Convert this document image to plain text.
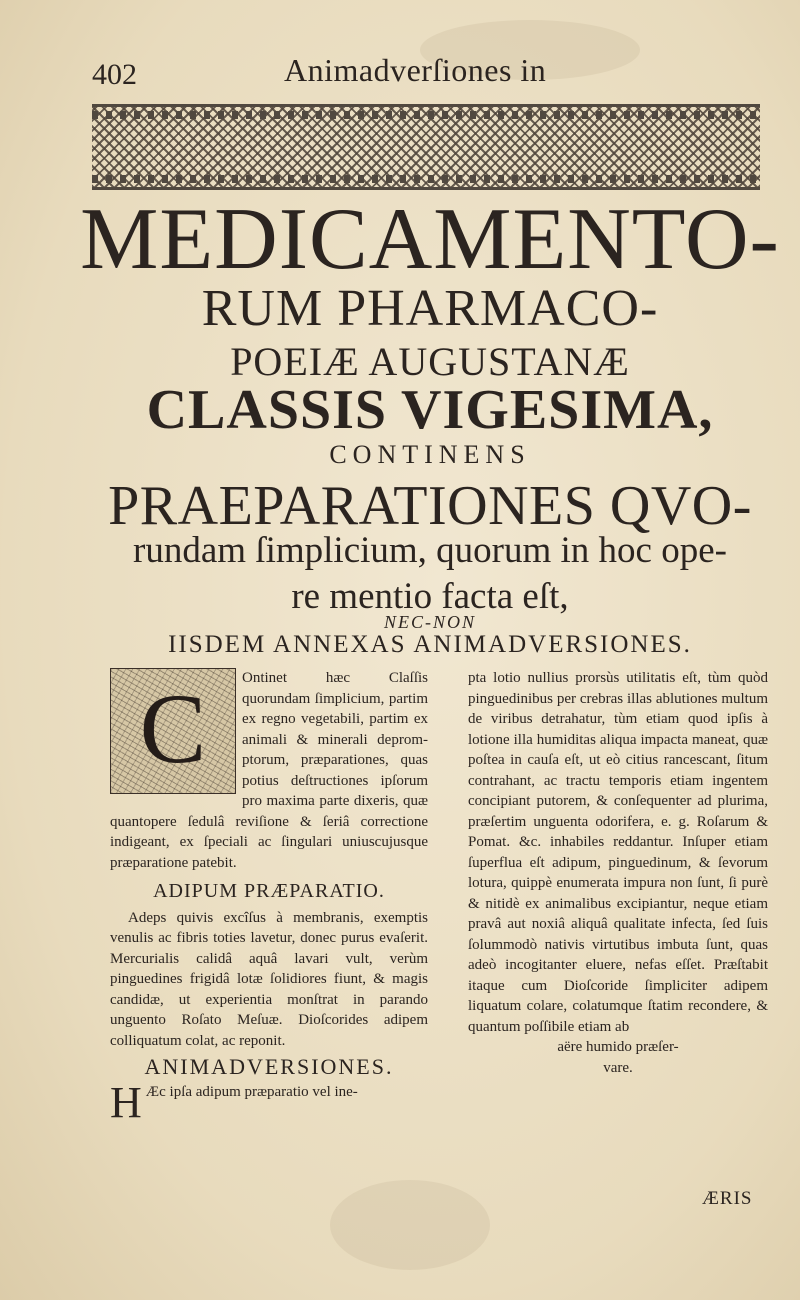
402	Animadverſiones in
MEDICAMENTO-
RUM PHARMACO-
POEIÆ AUGUSTANÆ
CLASSIS VIGESIMA,
CONTINENS
PRAEPARATIONES QVO-
rundam ſimplicium, quorum in hoc ope-
re mentio facta eſt,
NEC-NON
IISDEM ANNEXAS ANIMADVERSIONES.
C	Ontinet hæc Claſſis quorundam ſimplicium, partim ex regno vegetabili, partim ex animali & minerali depromptorum, præparationes, quas potius deſtructiones ipſorum pro maxima parte dixeris, quæ quantopere ſedulâ reviſione & ſeriâ correctione indigeant, ex ſpeciali ac ſingulari uniuscujusque præparatione patebit.

ADIPUM PRÆPARATIO.

Adeps quivis excîſus à membranis, exemptis venulis ac fibris toties lavetur, donec purus evaſerit. Mercurialis calidâ aquâ lavari vult, verùm pinguedines frigidâ lotæ ſolidiores fiunt, & magis candidæ, ut experientia monſtrat in parando unguento Roſato Meſuæ. Dioſcorides adipem colliquatum colat, ac reponit.

ANIMADVERSIONES.

H Æc ipſa adipum præparatio vel ine-

pta lotio nullius prorsùs utilitatis eſt, tùm quòd pinguedinibus per crebras illas ablutiones multum de viribus detrahatur, tùm etiam quod ipſis à lotione illa humiditas aliqua impacta maneat, quæ poſtea in cauſa eſt, ut eò citius rancescant, ſitum contrahant, ac tractu temporis etiam ingentem concipiant putorem, & conſequenter ad plurima, præſertim unguenta odorifera, e. g. Roſarum & Pomat. &c. inhabiles reddantur. Inſuper etiam ſuperflua eſt adipum, pinguedinum, & ſevorum lotura, quippè enumerata impura non ſunt, ſi purè & nitidè ex animalibus excipiantur, neque etiam pravâ aut noxiâ aliquâ qualitate infecta, ſed ſuis ſolummodò nativis virtutibus imbuta ſunt, quas adeò incogitanter eluere, nefas eſſet. Præſtabit itaque cum Dioſcoride ſimpliciter adipem liquatum colare, colatumque ſtatim recondere, & quantum poſſibile etiam ab

aëre humido præſer-

vare.

ÆRIS
